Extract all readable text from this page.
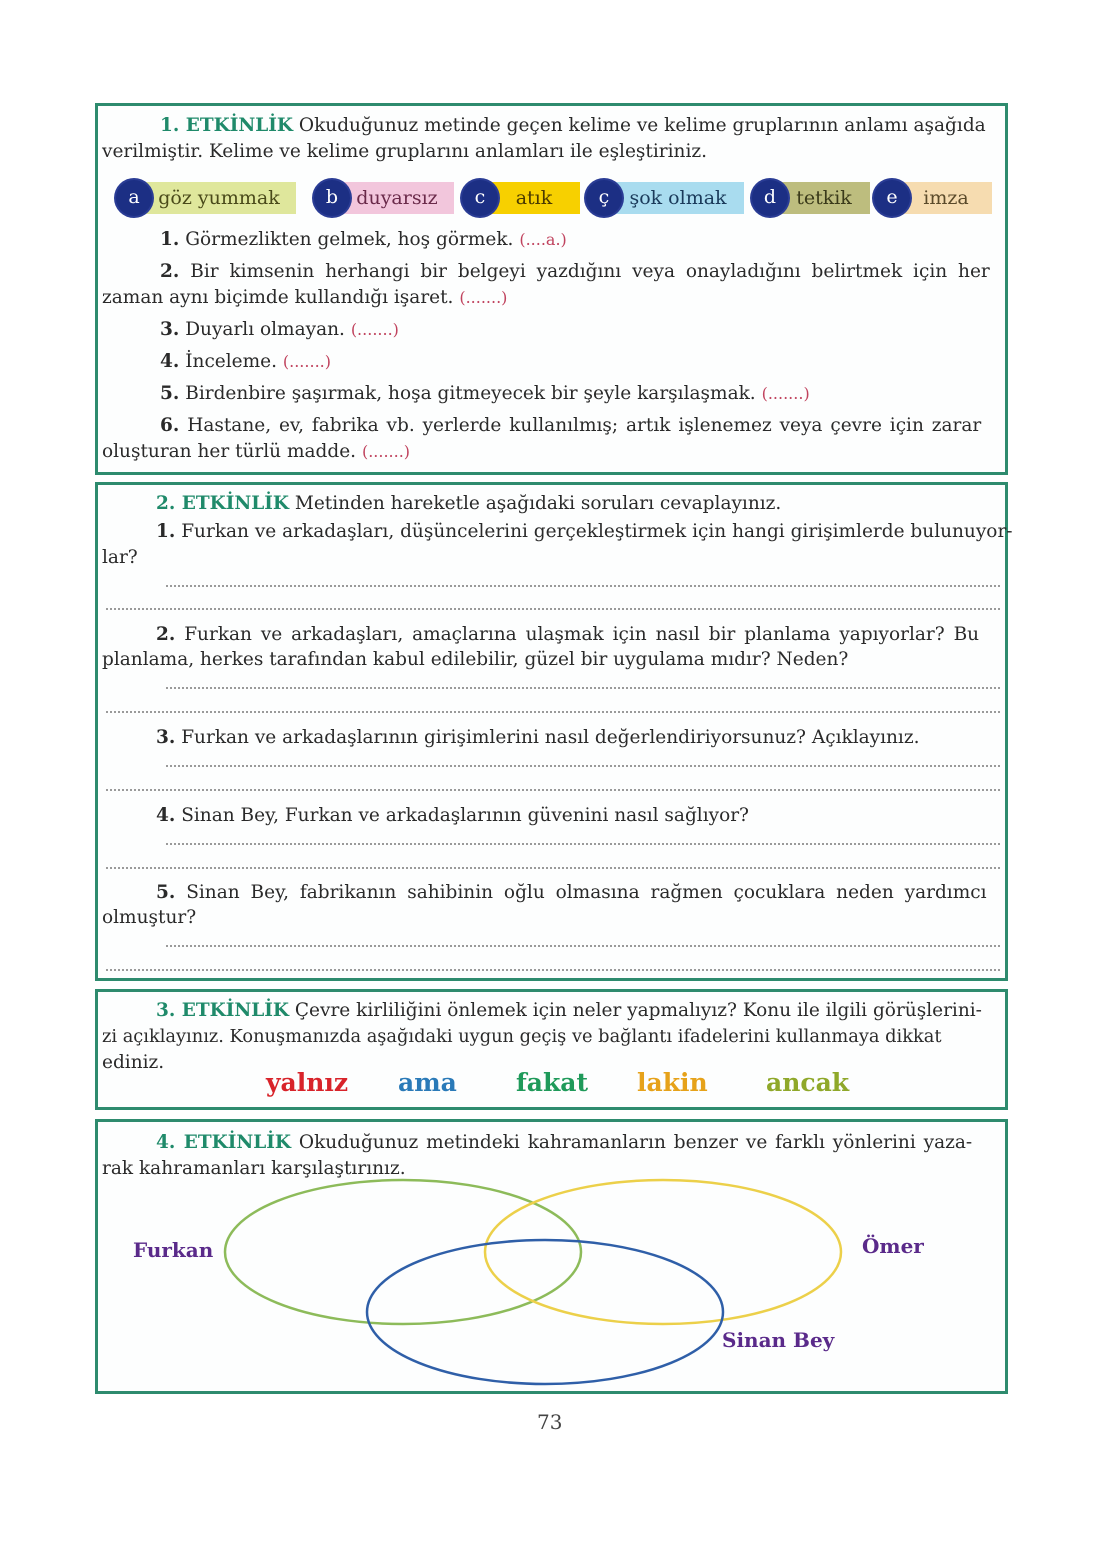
1. ETKİNLİK Okuduğunuz metinde geçen kelime ve kelime gruplarının anlamı aşağıda

verilmiştir. Kelime ve kelime gruplarını anlamları ile eşleştiriniz.

göz yummak
a	duyarsız
b	atık
c	şok olmak
ç	tetkik
d	imza
e

1. Görmezlikten gelmek, hoş görmek. (....a.)

2. Bir kimsenin herhangi bir belgeyi yazdığını veya onayladığını belirtmek için her

zaman aynı biçimde kullandığı işaret. (.......)

3. Duyarlı olmayan. (.......)

4. İnceleme. (.......)

5. Birdenbire şaşırmak, hoşa gitmeyecek bir şeyle karşılaşmak. (.......)

6. Hastane, ev, fabrika vb. yerlerde kullanılmış; artık işlenemez veya çevre için zarar

oluşturan her türlü madde. (.......)

2. ETKİNLİK Metinden hareketle aşağıdaki soruları cevaplayınız.

1. Furkan ve arkadaşları, düşüncelerini gerçekleştirmek için hangi girişimlerde bulunuyor-

lar?

2. Furkan ve arkadaşları, amaçlarına ulaşmak için nasıl bir planlama yapıyorlar? Bu

planlama, herkes tarafından kabul edilebilir, güzel bir uygulama mıdır? Neden?

3. Furkan ve arkadaşlarının girişimlerini nasıl değerlendiriyorsunuz? Açıklayınız.

4. Sinan Bey, Furkan ve arkadaşlarının güvenini nasıl sağlıyor?

5. Sinan Bey, fabrikanın sahibinin oğlu olmasına rağmen çocuklara neden yardımcı

olmuştur?

3. ETKİNLİK Çevre kirliliğini önlemek için neler yapmalıyız? Konu ile ilgili görüşlerini-

zi açıklayınız. Konuşmanızda aşağıdaki uygun geçiş ve bağlantı ifadelerini kullanmaya dikkat

ediniz.

yalnız ama fakat lakin ancak

4. ETKİNLİK Okuduğunuz metindeki kahramanların benzer ve farklı yönlerini yaza-

rak kahramanları karşılaştırınız.

Furkan	Ömer
Sinan Bey
73
